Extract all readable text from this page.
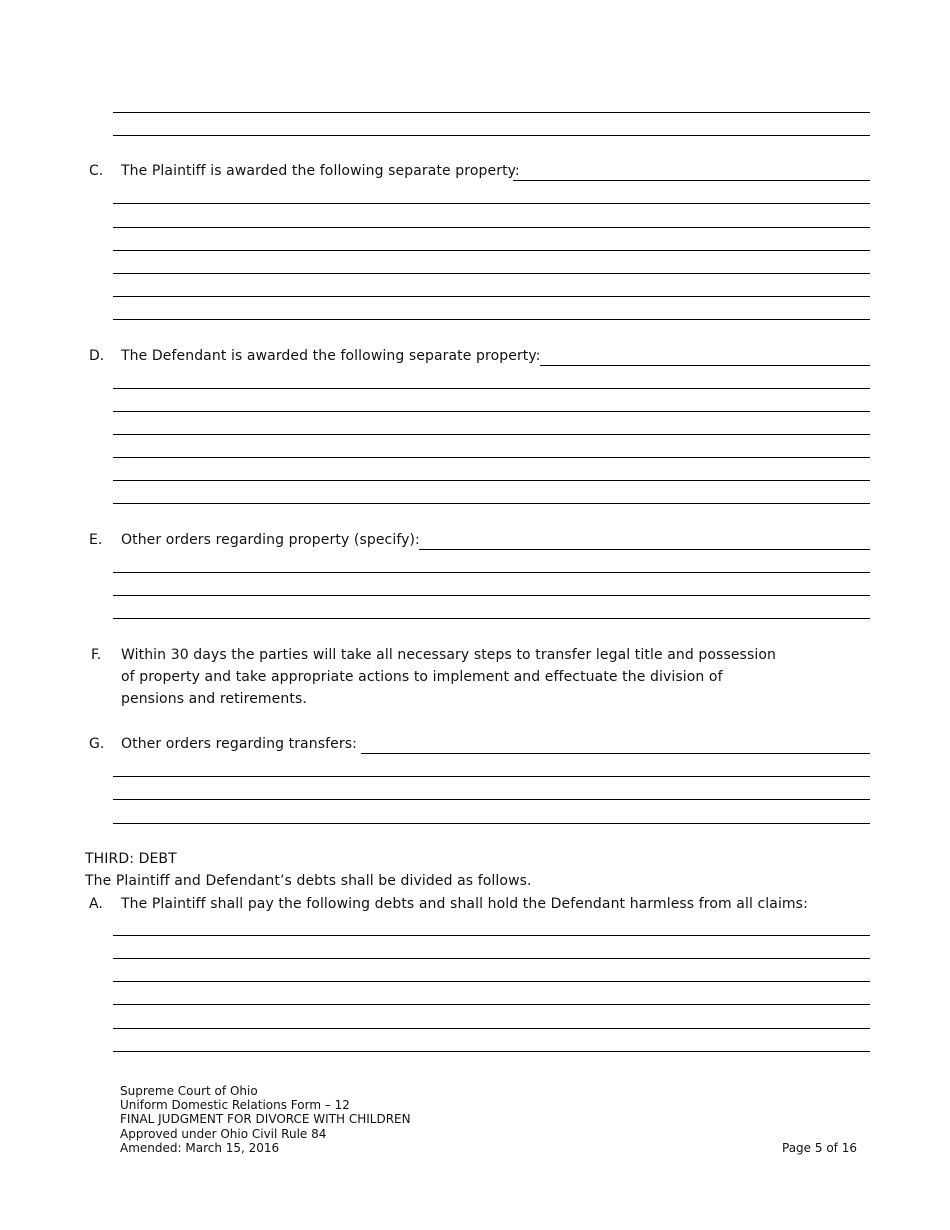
C. The Plaintiff is awarded the following separate property:
D. The Defendant is awarded the following separate property:
E. Other orders regarding property (specify):
F. Within 30 days the parties will take all necessary steps to transfer legal title and possession of property and take appropriate actions to implement and effectuate the division of pensions and retirements.
G. Other orders regarding transfers:
THIRD: DEBT
The Plaintiff and Defendant’s debts shall be divided as follows.
A. The Plaintiff shall pay the following debts and shall hold the Defendant harmless from all claims:
Supreme Court of Ohio
Uniform Domestic Relations Form – 12
FINAL JUDGMENT FOR DIVORCE WITH CHILDREN
Approved under Ohio Civil Rule 84
Amended: March 15, 2016	Page 5 of 16
